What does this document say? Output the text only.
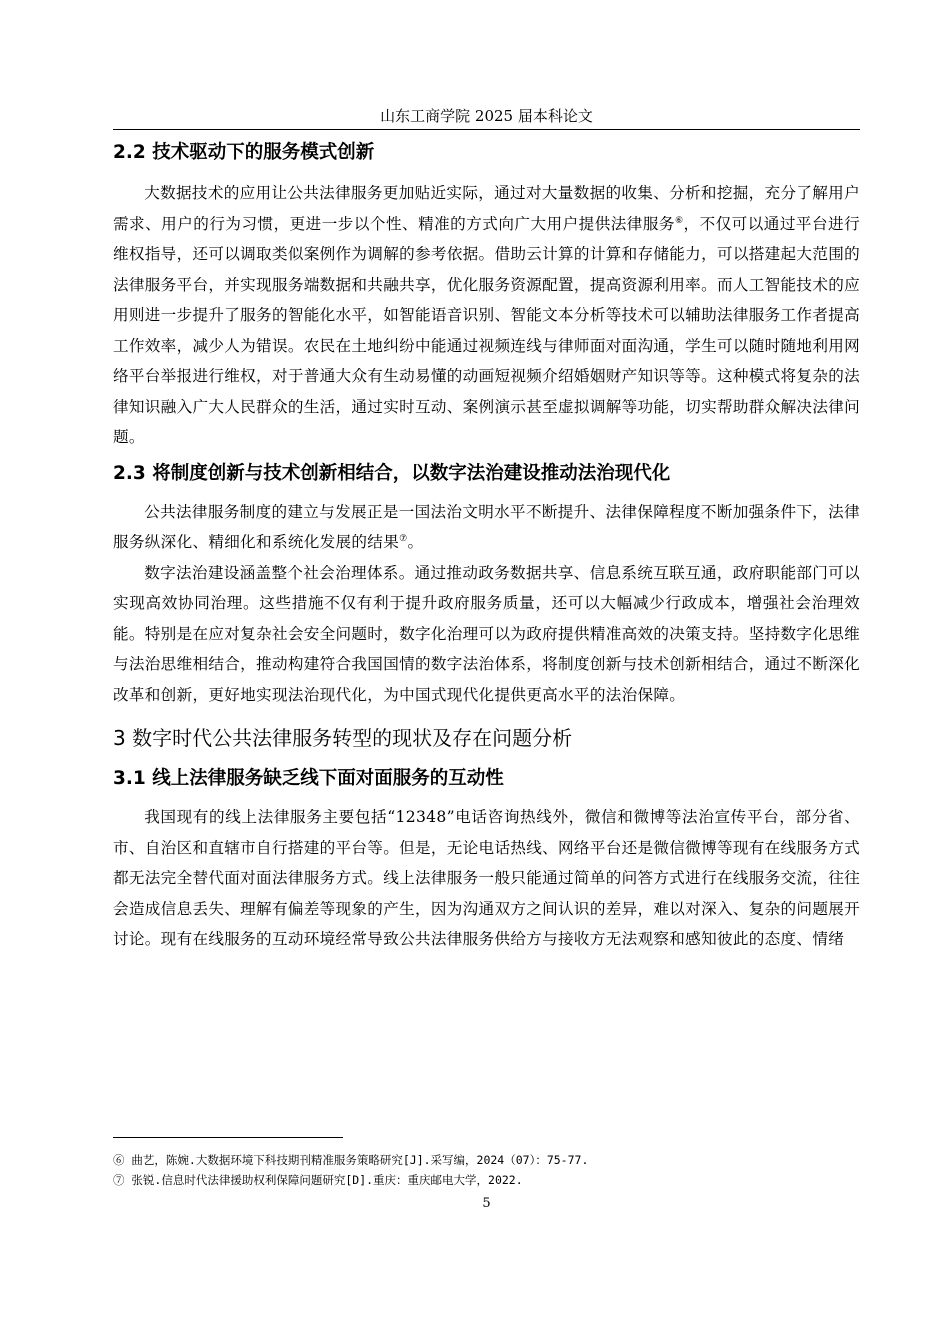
山东工商学院 2025 届本科论文
2.2 技术驱动下的服务模式创新

大数据技术的应用让公共法律服务更加贴近实际，通过对大量数据的收集、分析和挖掘，充分了解用户需求、用户的行为习惯，更进一步以个性、精准的方式向广大用户提供法律服务⑥，不仅可以通过平台进行维权指导，还可以调取类似案例作为调解的参考依据。借助云计算的计算和存储能力，可以搭建起大范围的法律服务平台，并实现服务端数据和共融共享，优化服务资源配置，提高资源利用率。而人工智能技术的应用则进一步提升了服务的智能化水平，如智能语音识别、智能文本分析等技术可以辅助法律服务工作者提高工作效率，减少人为错误。农民在土地纠纷中能通过视频连线与律师面对面沟通，学生可以随时随地利用网络平台举报进行维权，对于普通大众有生动易懂的动画短视频介绍婚姻财产知识等等。这种模式将复杂的法律知识融入广大人民群众的生活，通过实时互动、案例演示甚至虚拟调解等功能，切实帮助群众解决法律问题。

2.3 将制度创新与技术创新相结合，以数字法治建设推动法治现代化

公共法律服务制度的建立与发展正是一国法治文明水平不断提升、法律保障程度不断加强条件下，法律服务纵深化、精细化和系统化发展的结果⑦。

数字法治建设涵盖整个社会治理体系。通过推动政务数据共享、信息系统互联互通，政府职能部门可以实现高效协同治理。这些措施不仅有利于提升政府服务质量，还可以大幅减少行政成本，增强社会治理效能。特别是在应对复杂社会安全问题时，数字化治理可以为政府提供精准高效的决策支持。坚持数字化思维与法治思维相结合，推动构建符合我国国情的数字法治体系，将制度创新与技术创新相结合，通过不断深化改革和创新，更好地实现法治现代化，为中国式现代化提供更高水平的法治保障。

3 数字时代公共法律服务转型的现状及存在问题分析
3.1 线上法律服务缺乏线下面对面服务的互动性

我国现有的线上法律服务主要包括“12348”电话咨询热线外，微信和微博等法治宣传平台，部分省、市、自治区和直辖市自行搭建的平台等。但是，无论电话热线、网络平台还是微信微博等现有在线服务方式都无法完全替代面对面法律服务方式。线上法律服务一般只能通过简单的问答方式进行在线服务交流，往往会造成信息丢失、理解有偏差等现象的产生，因为沟通双方之间认识的差异，难以对深入、复杂的问题展开讨论。现有在线服务的互动环境经常导致公共法律服务供给方与接收方无法观察和感知彼此的态度、情绪

⑥ 曲艺，陈婉.大数据环境下科技期刊精准服务策略研究[J].采写编，2024（07）：75-77.
⑦ 张锐.信息时代法律援助权利保障问题研究[D].重庆：重庆邮电大学，2022.
5
